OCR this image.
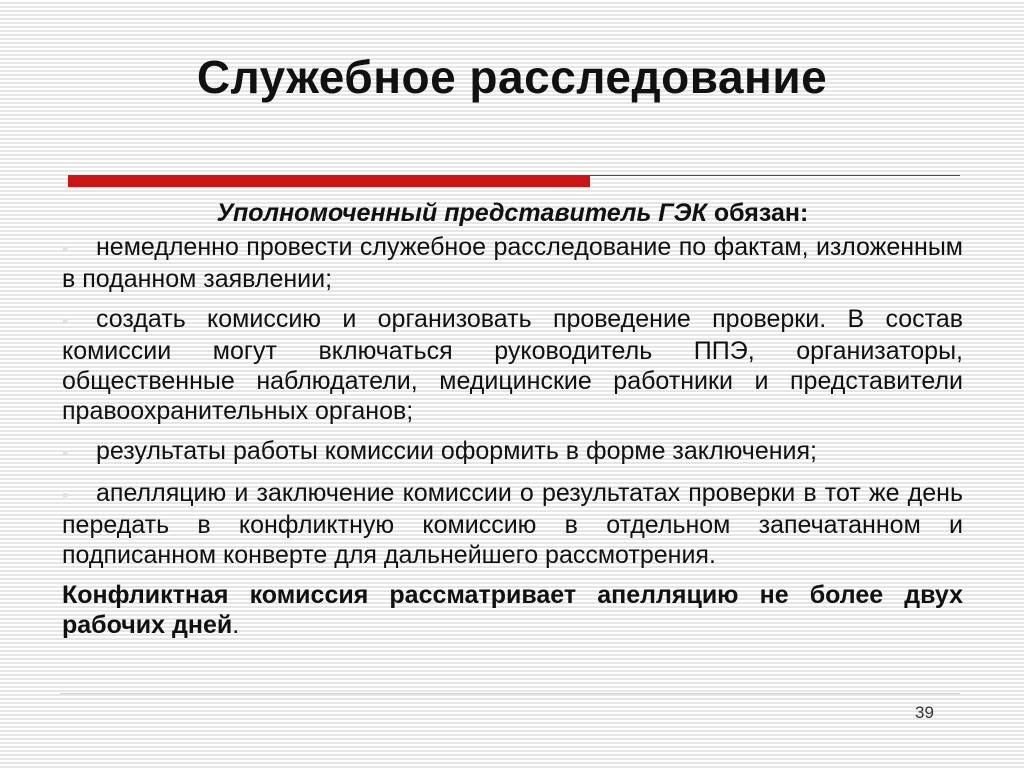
Служебное расследование

Уполномоченный представитель ГЭК обязан:

▪ немедленно провести служебное расследование по фактам, изложенным в поданном заявлении;

▪ создать комиссию и организовать проведение проверки. В состав комиссии могут включаться руководитель ППЭ, организаторы, общественные наблюдатели, медицинские работники и представители правоохранительных органов;

▪ результаты работы комиссии оформить в форме заключения;

▪ апелляцию и заключение комиссии о результатах проверки в тот же день передать в конфликтную комиссию в отдельном запечатанном и подписанном конверте для дальнейшего рассмотрения.

Конфликтная комиссия рассматривает апелляцию не более двух рабочих дней.

39
